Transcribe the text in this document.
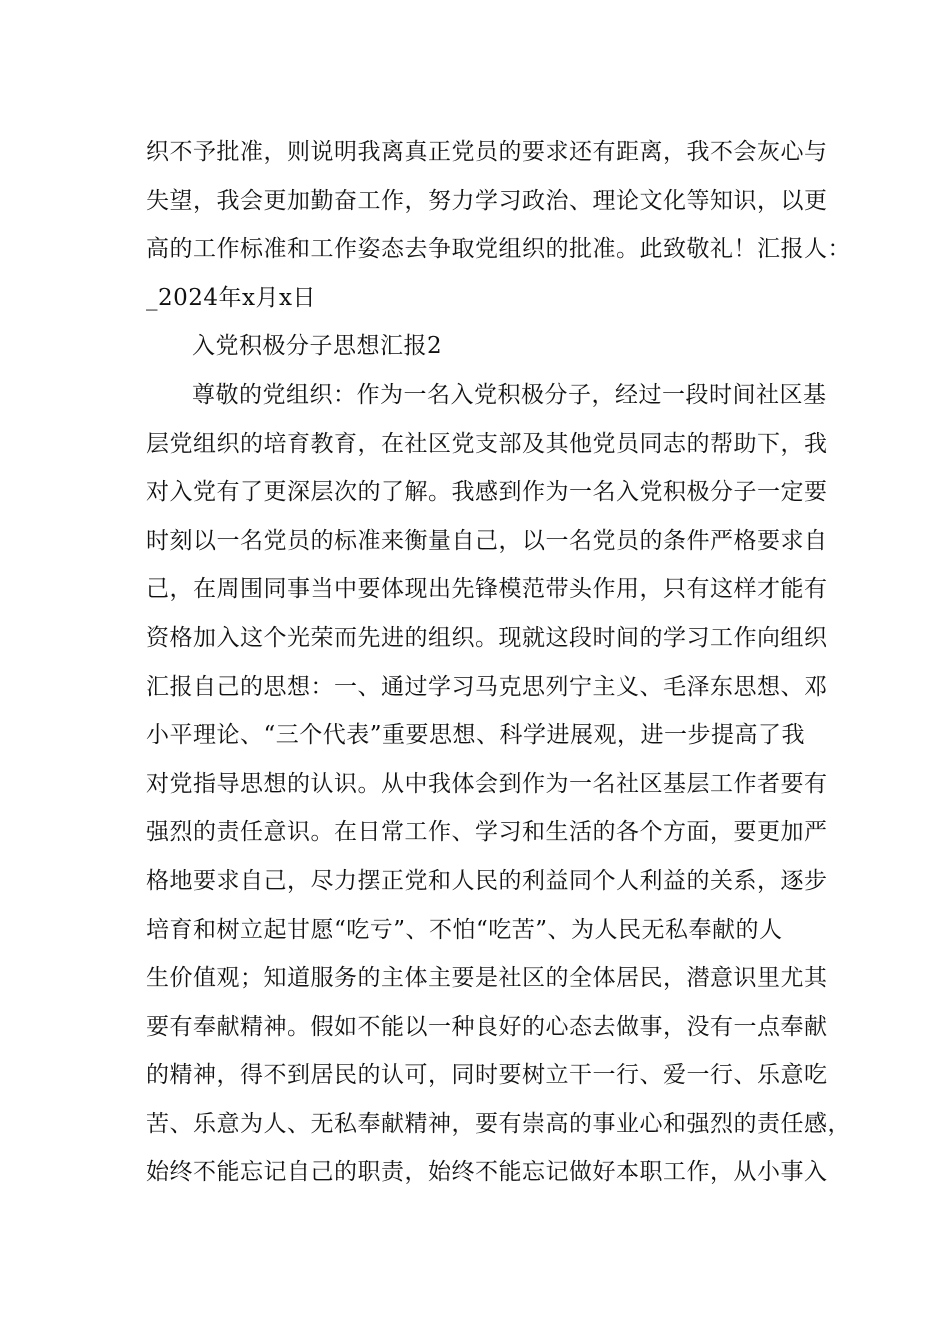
织不予批准，则说明我离真正党员的要求还有距离，我不会灰心与
失望，我会更加勤奋工作，努力学习政治、理论文化等知识，以更
高的工作标准和工作姿态去争取党组织的批准。此致敬礼！汇报人：
_2024年x月x日
入党积极分子思想汇报2
尊敬的党组织：作为一名入党积极分子，经过一段时间社区基
层党组织的培育教育，在社区党支部及其他党员同志的帮助下，我
对入党有了更深层次的了解。我感到作为一名入党积极分子一定要
时刻以一名党员的标准来衡量自己，以一名党员的条件严格要求自
己，在周围同事当中要体现出先锋模范带头作用，只有这样才能有
资格加入这个光荣而先进的组织。现就这段时间的学习工作向组织
汇报自己的思想：一、通过学习马克思列宁主义、毛泽东思想、邓
小平理论、“三个代表”重要思想、科学进展观，进一步提高了我
对党指导思想的认识。从中我体会到作为一名社区基层工作者要有
强烈的责任意识。在日常工作、学习和生活的各个方面，要更加严
格地要求自己，尽力摆正党和人民的利益同个人利益的关系，逐步
培育和树立起甘愿“吃亏”、不怕“吃苦”、为人民无私奉献的人
生价值观；知道服务的主体主要是社区的全体居民，潜意识里尤其
要有奉献精神。假如不能以一种良好的心态去做事，没有一点奉献
的精神，得不到居民的认可，同时要树立干一行、爱一行、乐意吃
苦、乐意为人、无私奉献精神，要有崇高的事业心和强烈的责任感，
始终不能忘记自己的职责，始终不能忘记做好本职工作，从小事入
